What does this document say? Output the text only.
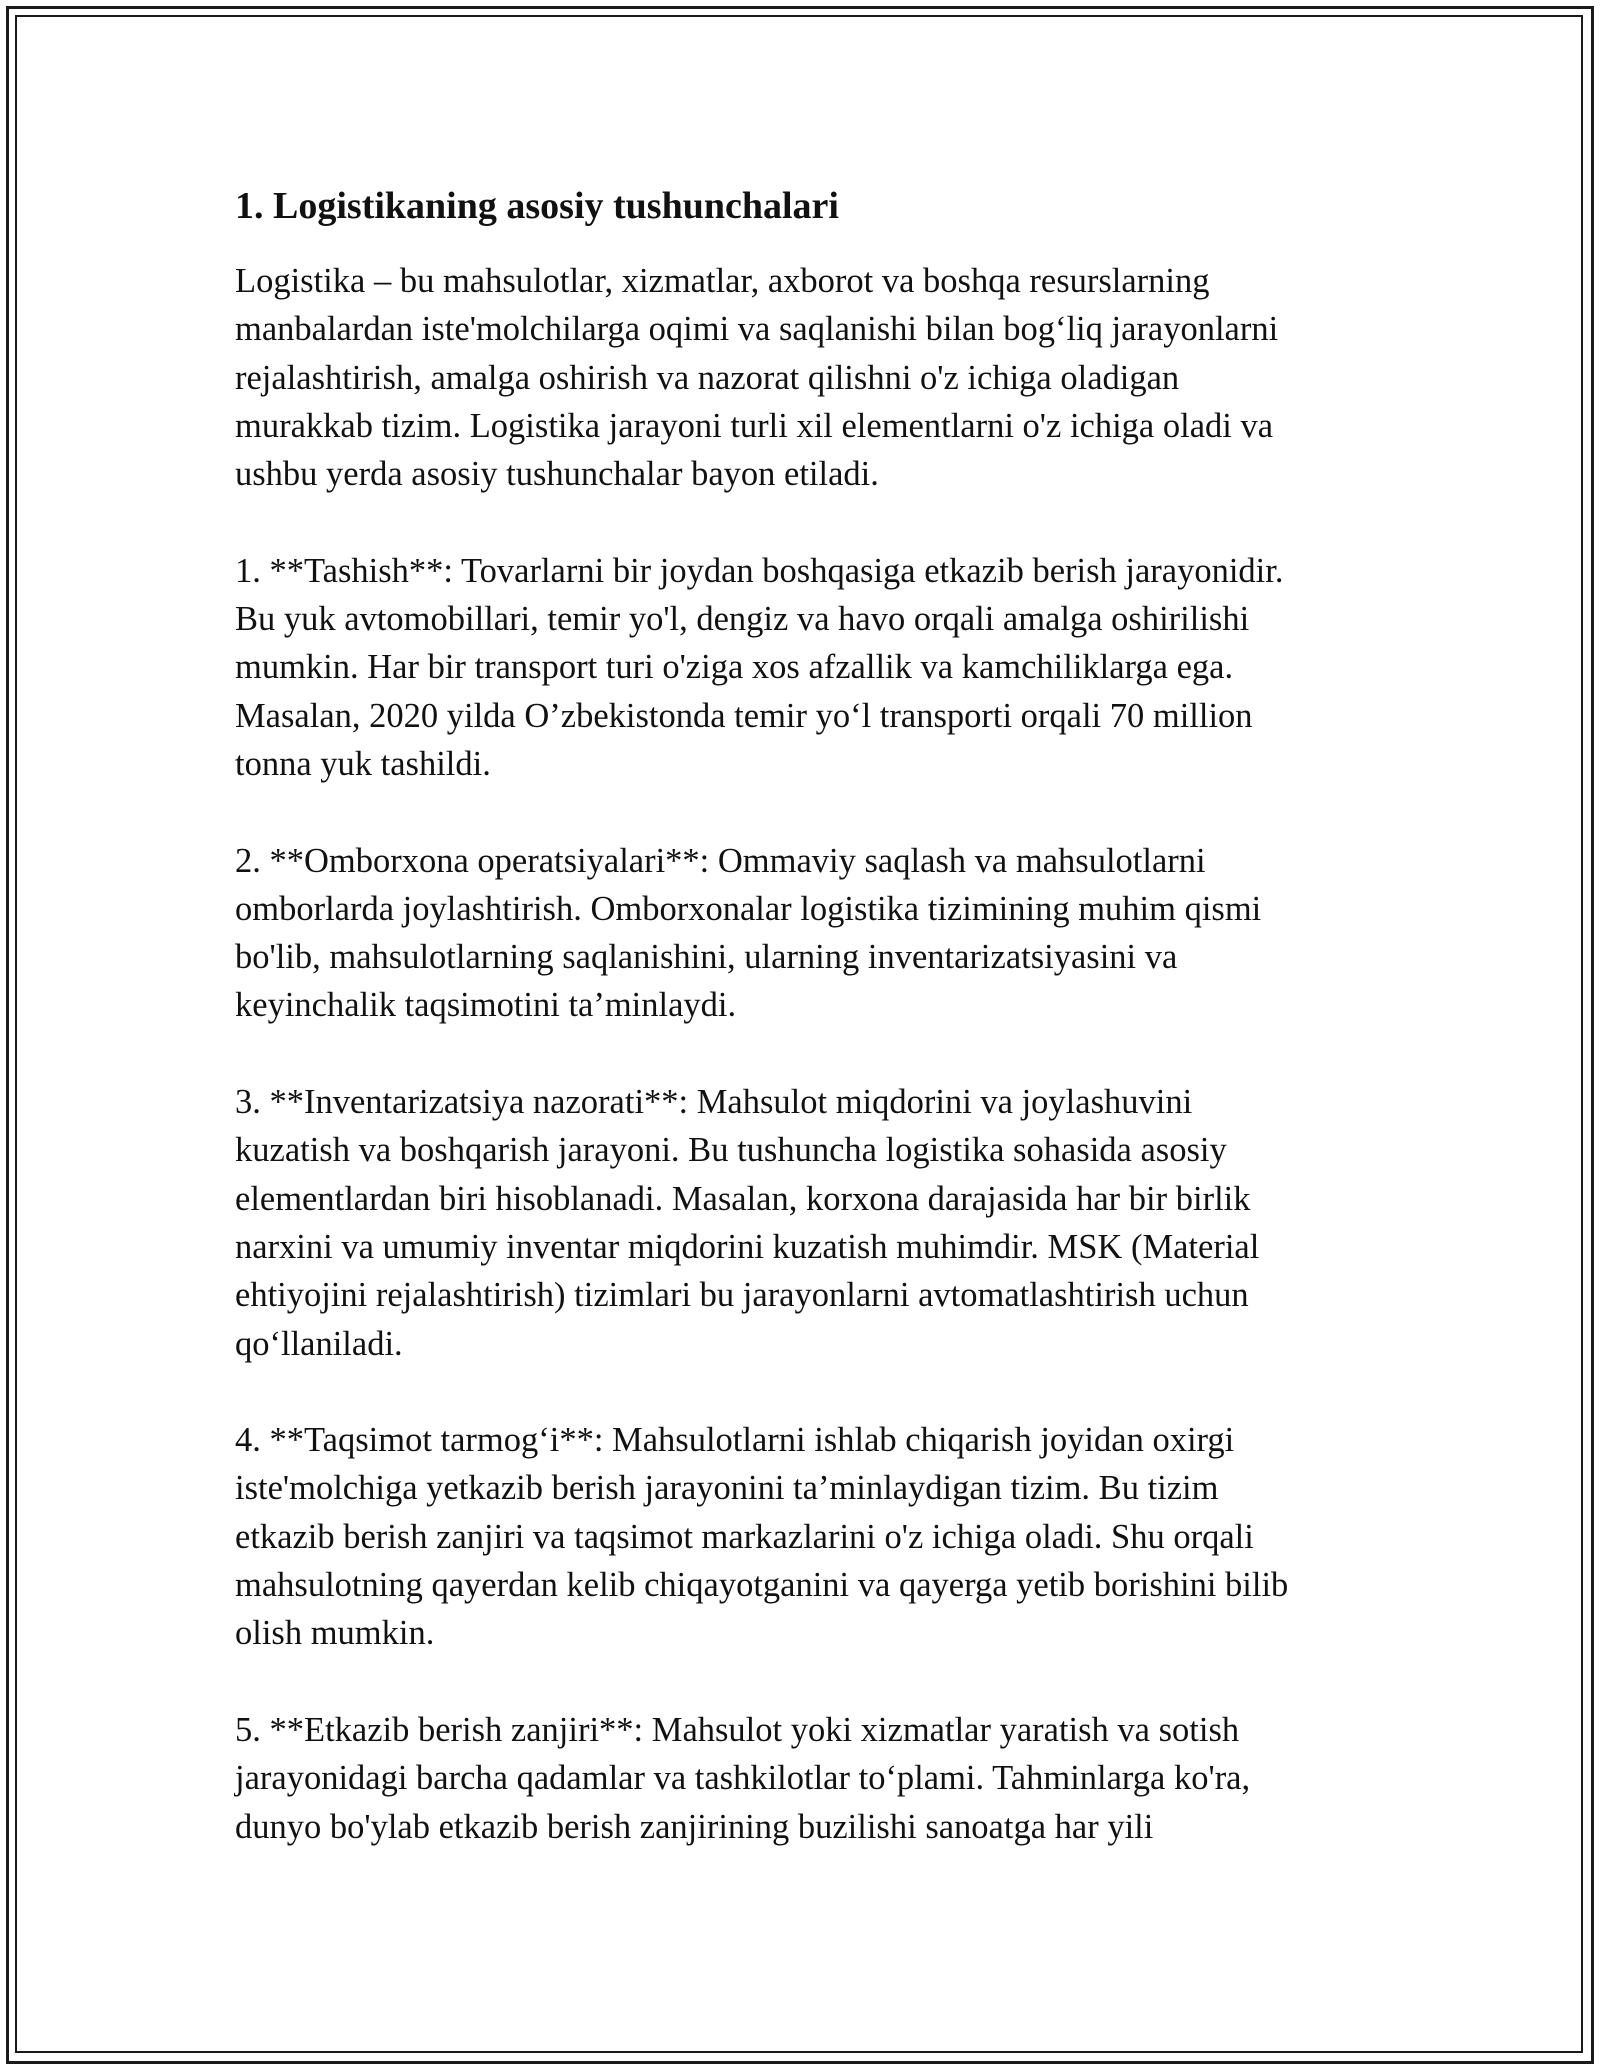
1. Logistikaning asosiy tushunchalari

Logistika – bu mahsulotlar, xizmatlar, axborot va boshqa resurslarning
manbalardan iste'molchilarga oqimi va saqlanishi bilan bog‘liq jarayonlarni
rejalashtirish, amalga oshirish va nazorat qilishni o'z ichiga oladigan
murakkab tizim. Logistika jarayoni turli xil elementlarni o'z ichiga oladi va
ushbu yerda asosiy tushunchalar bayon etiladi.

1. **Tashish**: Tovarlarni bir joydan boshqasiga etkazib berish jarayonidir.
Bu yuk avtomobillari, temir yo'l, dengiz va havo orqali amalga oshirilishi
mumkin. Har bir transport turi o'ziga xos afzallik va kamchiliklarga ega.
Masalan, 2020 yilda O’zbekistonda temir yo‘l transporti orqali 70 million
tonna yuk tashildi.

2. **Omborxona operatsiyalari**: Ommaviy saqlash va mahsulotlarni
omborlarda joylashtirish. Omborxonalar logistika tizimining muhim qismi
bo'lib, mahsulotlarning saqlanishini, ularning inventarizatsiyasini va
keyinchalik taqsimotini ta’minlaydi.

3. **Inventarizatsiya nazorati**: Mahsulot miqdorini va joylashuvini
kuzatish va boshqarish jarayoni. Bu tushuncha logistika sohasida asosiy
elementlardan biri hisoblanadi. Masalan, korxona darajasida har bir birlik
narxini va umumiy inventar miqdorini kuzatish muhimdir. MSK (Material
ehtiyojini rejalashtirish) tizimlari bu jarayonlarni avtomatlashtirish uchun
qo‘llaniladi.

4. **Taqsimot tarmog‘i**: Mahsulotlarni ishlab chiqarish joyidan oxirgi
iste'molchiga yetkazib berish jarayonini ta’minlaydigan tizim. Bu tizim
etkazib berish zanjiri va taqsimot markazlarini o'z ichiga oladi. Shu orqali
mahsulotning qayerdan kelib chiqayotganini va qayerga yetib borishini bilib
olish mumkin.

5. **Etkazib berish zanjiri**: Mahsulot yoki xizmatlar yaratish va sotish
jarayonidagi barcha qadamlar va tashkilotlar to‘plami. Tahminlarga ko'ra,
dunyo bo'ylab etkazib berish zanjirining buzilishi sanoatga har yili
